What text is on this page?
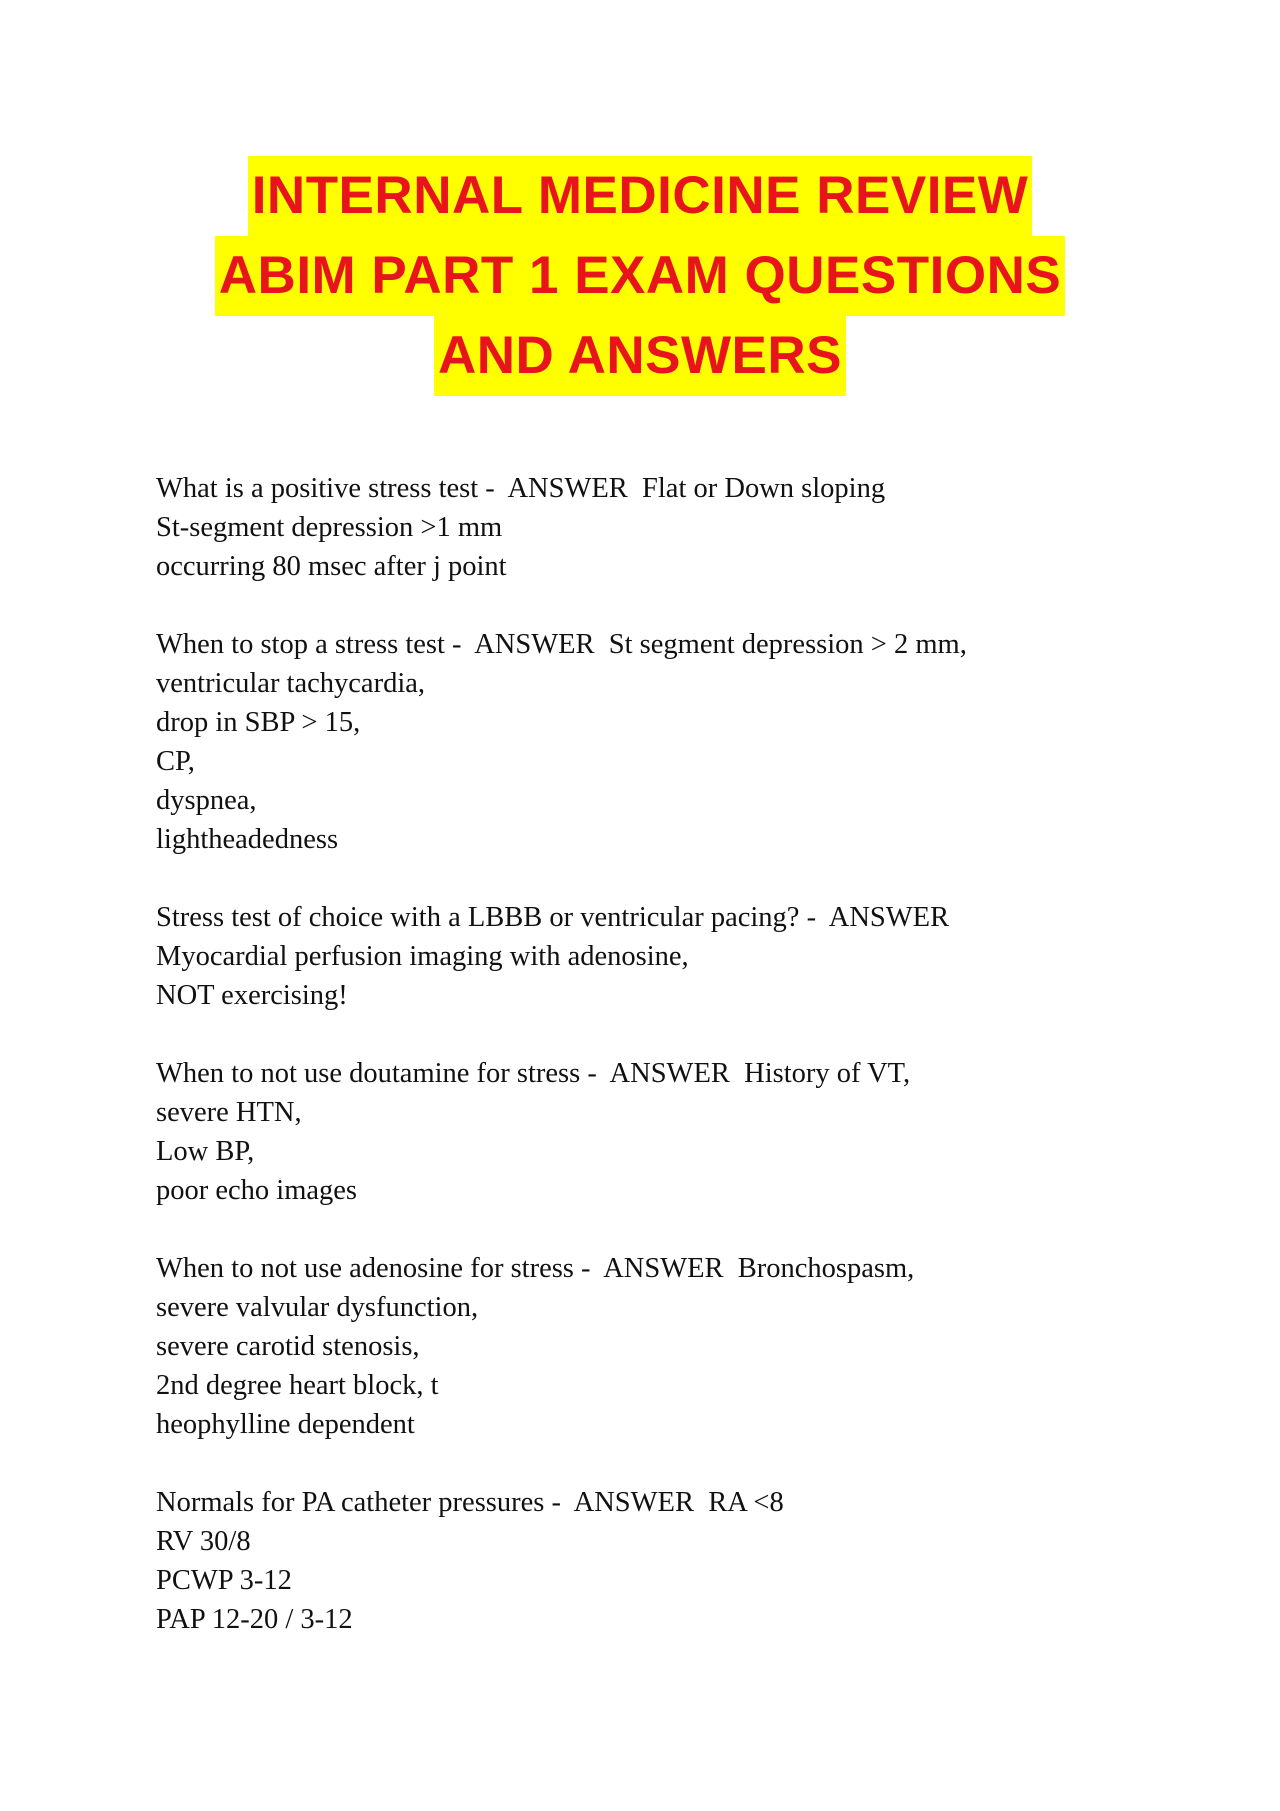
INTERNAL MEDICINE REVIEW
ABIM PART 1 EXAM QUESTIONS
AND ANSWERS
What is a positive stress test -  ANSWER  Flat or Down sloping
St-segment depression >1 mm
occurring 80 msec after j point
When to stop a stress test -  ANSWER  St segment depression > 2 mm,
ventricular tachycardia,
drop in SBP > 15,
CP,
dyspnea,
lightheadedness
Stress test of choice with a LBBB or ventricular pacing? -  ANSWER
Myocardial perfusion imaging with adenosine,
NOT exercising!
When to not use doutamine for stress -  ANSWER  History of VT,
severe HTN,
Low BP,
poor echo images
When to not use adenosine for stress -  ANSWER  Bronchospasm,
severe valvular dysfunction,
severe carotid stenosis,
2nd degree heart block, t
heophylline dependent
Normals for PA catheter pressures -  ANSWER  RA <8
RV 30/8
PCWP 3-12
PAP 12-20 / 3-12
